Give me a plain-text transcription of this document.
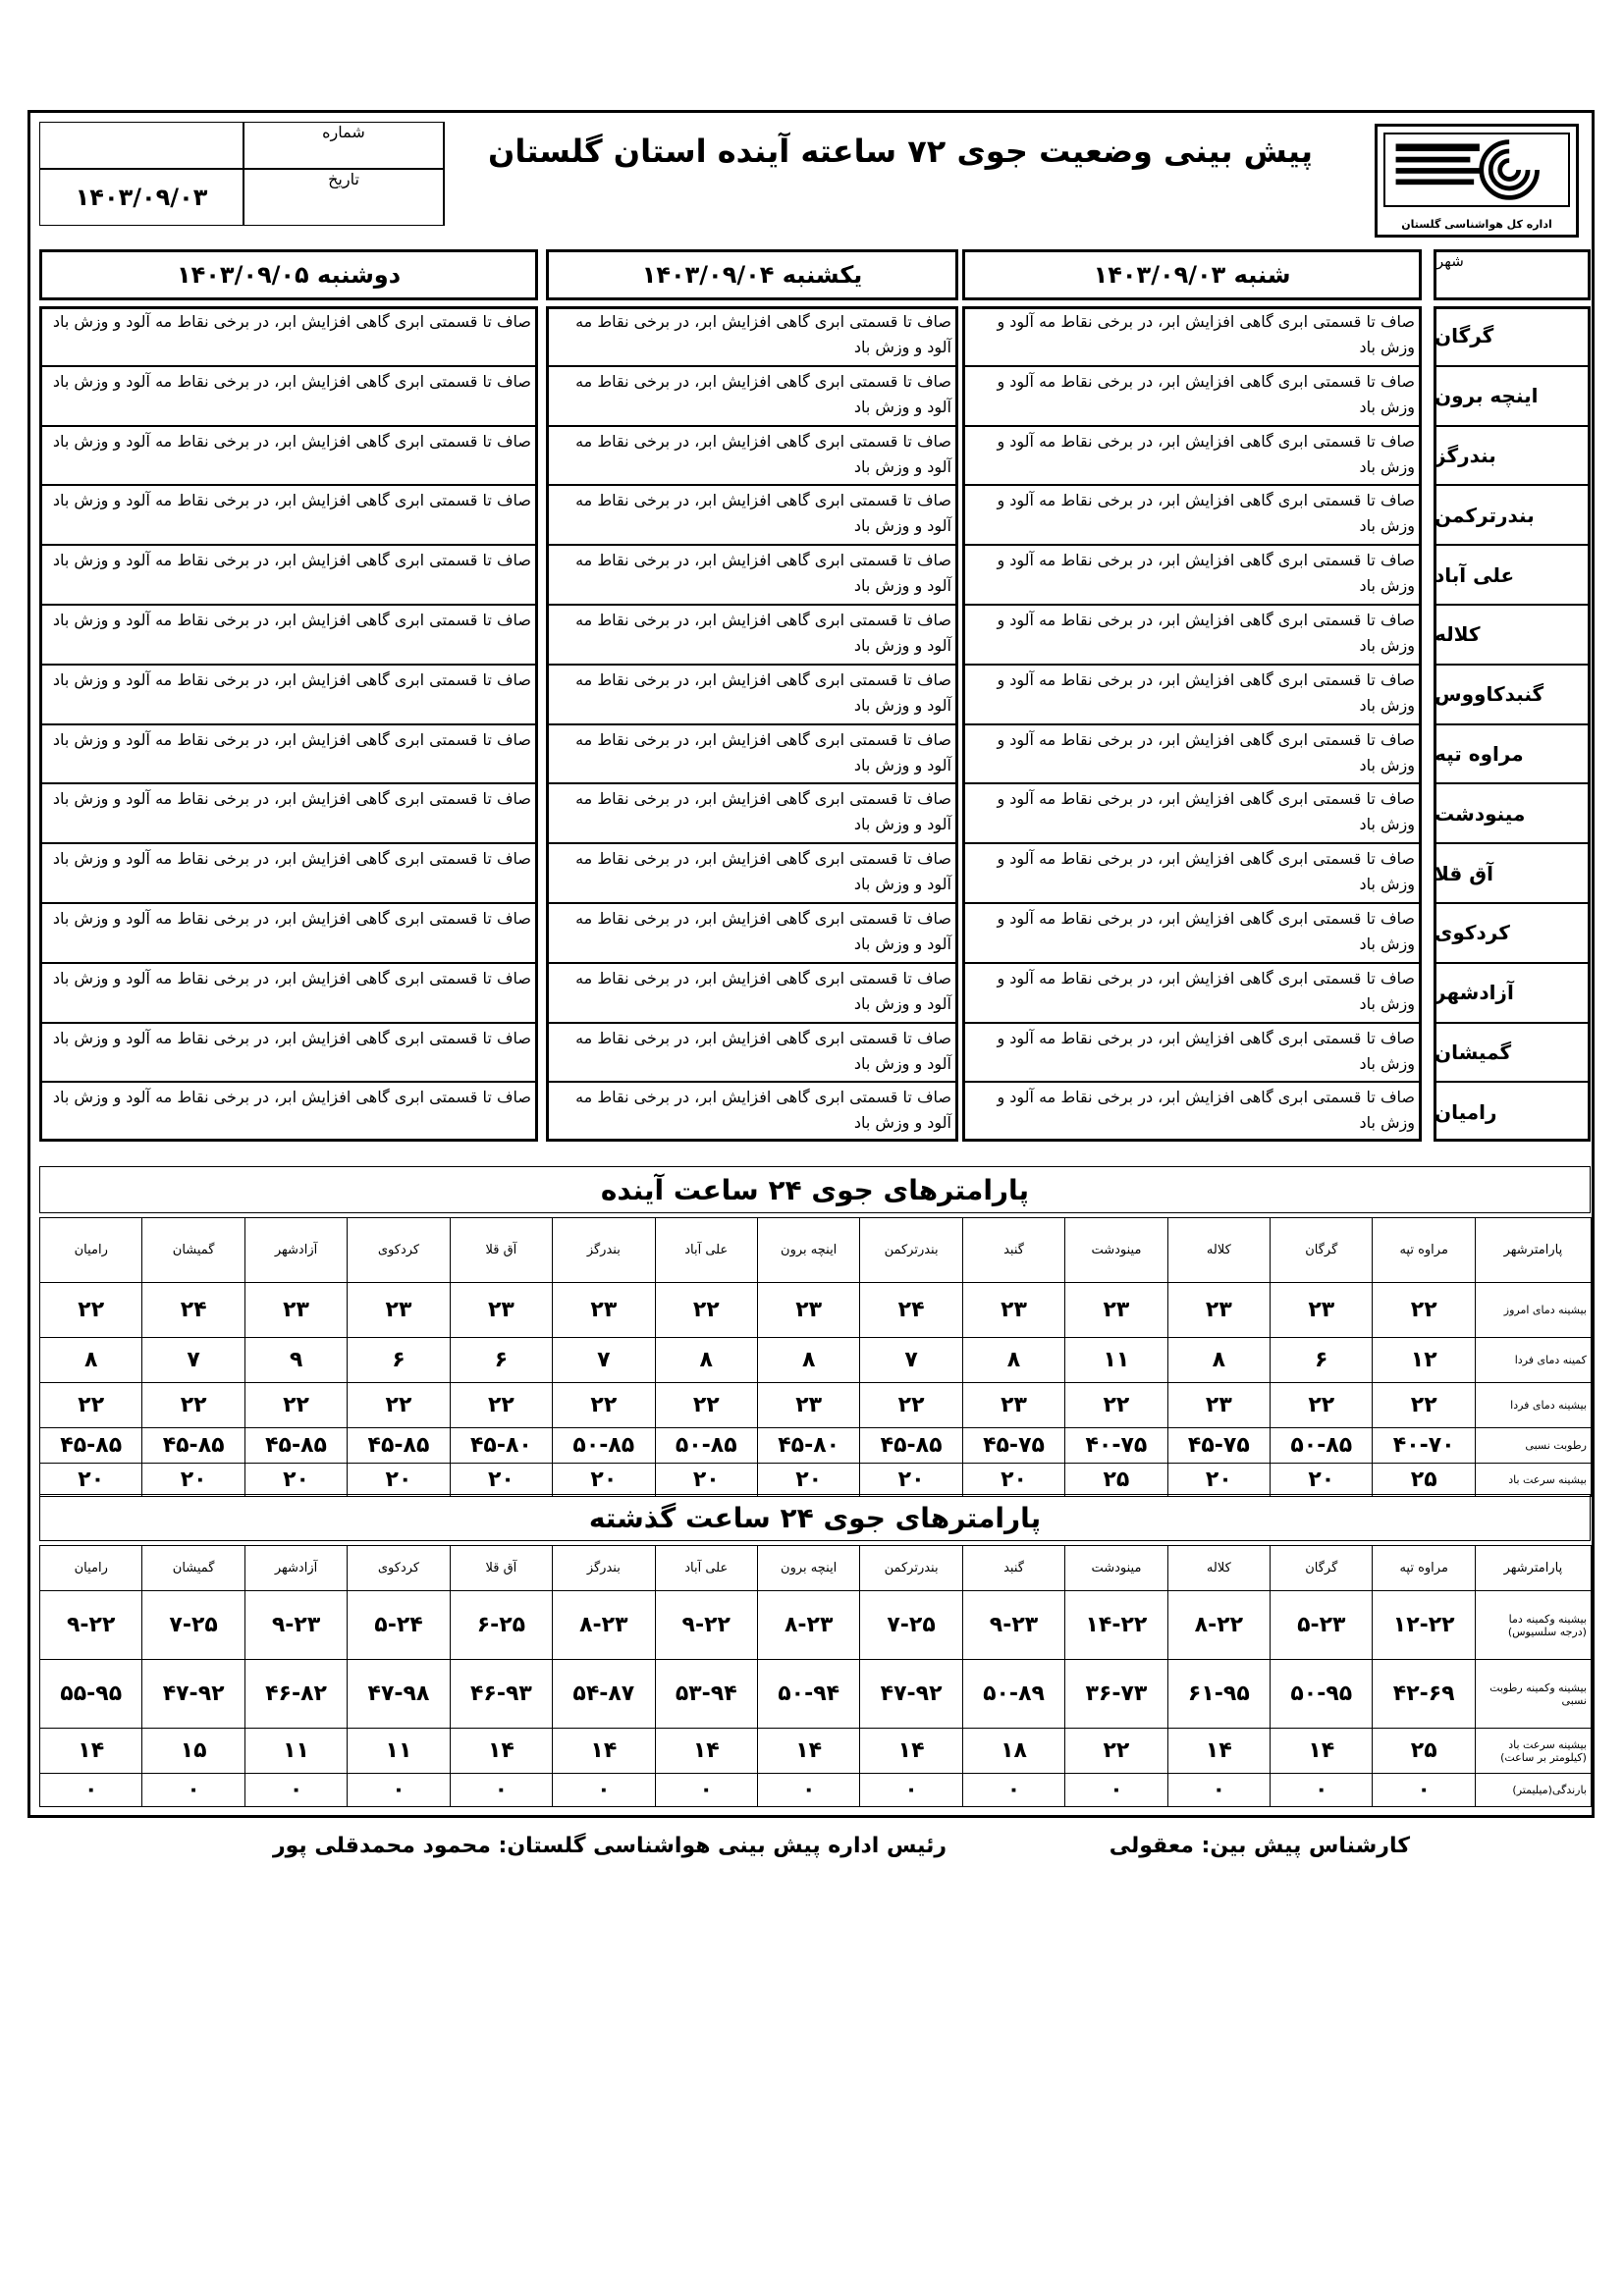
شماره
۱۴۰۳/۰۹/۰۳
تاریخ
پیش بینی وضعیت جوی ۷۲ ساعته آینده استان گلستان
اداره کل هواشناسی گلستان
شهر
شنبه ۱۴۰۳/۰۹/۰۳
یکشنبه ۱۴۰۳/۰۹/۰۴
دوشنبه ۱۴۰۳/۰۹/۰۵
گرگان
صاف تا قسمتی ابری گاهی افزایش ابر، در برخی نقاط مه آلود و وزش باد
صاف تا قسمتی ابری گاهی افزایش ابر، در برخی نقاط مه آلود و وزش باد
صاف تا قسمتی ابری گاهی افزایش ابر، در برخی نقاط مه آلود و وزش باد
اینچه برون
صاف تا قسمتی ابری گاهی افزایش ابر، در برخی نقاط مه آلود و وزش باد
صاف تا قسمتی ابری گاهی افزایش ابر، در برخی نقاط مه آلود و وزش باد
صاف تا قسمتی ابری گاهی افزایش ابر، در برخی نقاط مه آلود و وزش باد
بندرگز
صاف تا قسمتی ابری گاهی افزایش ابر، در برخی نقاط مه آلود و وزش باد
صاف تا قسمتی ابری گاهی افزایش ابر، در برخی نقاط مه آلود و وزش باد
صاف تا قسمتی ابری گاهی افزایش ابر، در برخی نقاط مه آلود و وزش باد
بندرترکمن
صاف تا قسمتی ابری گاهی افزایش ابر، در برخی نقاط مه آلود و وزش باد
صاف تا قسمتی ابری گاهی افزایش ابر، در برخی نقاط مه آلود و وزش باد
صاف تا قسمتی ابری گاهی افزایش ابر، در برخی نقاط مه آلود و وزش باد
علی آباد
صاف تا قسمتی ابری گاهی افزایش ابر، در برخی نقاط مه آلود و وزش باد
صاف تا قسمتی ابری گاهی افزایش ابر، در برخی نقاط مه آلود و وزش باد
صاف تا قسمتی ابری گاهی افزایش ابر، در برخی نقاط مه آلود و وزش باد
کلاله
صاف تا قسمتی ابری گاهی افزایش ابر، در برخی نقاط مه آلود و وزش باد
صاف تا قسمتی ابری گاهی افزایش ابر، در برخی نقاط مه آلود و وزش باد
صاف تا قسمتی ابری گاهی افزایش ابر، در برخی نقاط مه آلود و وزش باد
گنبدکاووس
صاف تا قسمتی ابری گاهی افزایش ابر، در برخی نقاط مه آلود و وزش باد
صاف تا قسمتی ابری گاهی افزایش ابر، در برخی نقاط مه آلود و وزش باد
صاف تا قسمتی ابری گاهی افزایش ابر، در برخی نقاط مه آلود و وزش باد
مراوه تپه
صاف تا قسمتی ابری گاهی افزایش ابر، در برخی نقاط مه آلود و وزش باد
صاف تا قسمتی ابری گاهی افزایش ابر، در برخی نقاط مه آلود و وزش باد
صاف تا قسمتی ابری گاهی افزایش ابر، در برخی نقاط مه آلود و وزش باد
مینودشت
صاف تا قسمتی ابری گاهی افزایش ابر، در برخی نقاط مه آلود و وزش باد
صاف تا قسمتی ابری گاهی افزایش ابر، در برخی نقاط مه آلود و وزش باد
صاف تا قسمتی ابری گاهی افزایش ابر، در برخی نقاط مه آلود و وزش باد
آق قلا
صاف تا قسمتی ابری گاهی افزایش ابر، در برخی نقاط مه آلود و وزش باد
صاف تا قسمتی ابری گاهی افزایش ابر، در برخی نقاط مه آلود و وزش باد
صاف تا قسمتی ابری گاهی افزایش ابر، در برخی نقاط مه آلود و وزش باد
کردکوی
صاف تا قسمتی ابری گاهی افزایش ابر، در برخی نقاط مه آلود و وزش باد
صاف تا قسمتی ابری گاهی افزایش ابر، در برخی نقاط مه آلود و وزش باد
صاف تا قسمتی ابری گاهی افزایش ابر، در برخی نقاط مه آلود و وزش باد
آزادشهر
صاف تا قسمتی ابری گاهی افزایش ابر، در برخی نقاط مه آلود و وزش باد
صاف تا قسمتی ابری گاهی افزایش ابر، در برخی نقاط مه آلود و وزش باد
صاف تا قسمتی ابری گاهی افزایش ابر، در برخی نقاط مه آلود و وزش باد
گمیشان
صاف تا قسمتی ابری گاهی افزایش ابر، در برخی نقاط مه آلود و وزش باد
صاف تا قسمتی ابری گاهی افزایش ابر، در برخی نقاط مه آلود و وزش باد
صاف تا قسمتی ابری گاهی افزایش ابر، در برخی نقاط مه آلود و وزش باد
رامیان
صاف تا قسمتی ابری گاهی افزایش ابر، در برخی نقاط مه آلود و وزش باد
صاف تا قسمتی ابری گاهی افزایش ابر، در برخی نقاط مه آلود و وزش باد
صاف تا قسمتی ابری گاهی افزایش ابر، در برخی نقاط مه آلود و وزش باد
پارامترهای جوی ۲۴ ساعت آینده
پارامترشهر	مراوه تپه	گرگان	کلاله	مینودشت	گنبد	بندرترکمن	اینچه برون	علی آباد	بندرگز	آق قلا	کردکوی	آزادشهر	گمیشان	رامیان
بیشینه دمای امروز	۲۲	۲۳	۲۳	۲۳	۲۳	۲۴	۲۳	۲۲	۲۳	۲۳	۲۳	۲۳	۲۴	۲۲
کمینه دمای فردا	۱۲	۶	۸	۱۱	۸	۷	۸	۸	۷	۶	۶	۹	۷	۸
بیشینه دمای فردا	۲۲	۲۲	۲۳	۲۲	۲۳	۲۲	۲۳	۲۲	۲۲	۲۲	۲۲	۲۲	۲۲	۲۲
رطوبت نسبی	۴۰-۷۰	۵۰-۸۵	۴۵-۷۵	۴۰-۷۵	۴۵-۷۵	۴۵-۸۵	۴۵-۸۰	۵۰-۸۵	۵۰-۸۵	۴۵-۸۰	۴۵-۸۵	۴۵-۸۵	۴۵-۸۵	۴۵-۸۵
بیشینه سرعت باد	۲۵	۲۰	۲۰	۲۵	۲۰	۲۰	۲۰	۲۰	۲۰	۲۰	۲۰	۲۰	۲۰	۲۰
پارامترهای جوی ۲۴ ساعت گذشته
پارامترشهر	مراوه تپه	گرگان	کلاله	مینودشت	گنبد	بندرترکمن	اینچه برون	علی آباد	بندرگز	آق قلا	کردکوی	آزادشهر	گمیشان	رامیان
بیشینه وکمینه دما (درجه سلسیوس)	۱۲-۲۲	۵-۲۳	۸-۲۲	۱۴-۲۲	۹-۲۳	۷-۲۵	۸-۲۳	۹-۲۲	۸-۲۳	۶-۲۵	۵-۲۴	۹-۲۳	۷-۲۵	۹-۲۲
بیشینه وکمینه رطوبت نسبی	۴۲-۶۹	۵۰-۹۵	۶۱-۹۵	۳۶-۷۳	۵۰-۸۹	۴۷-۹۲	۵۰-۹۴	۵۳-۹۴	۵۴-۸۷	۴۶-۹۳	۴۷-۹۸	۴۶-۸۲	۴۷-۹۲	۵۵-۹۵
بیشینه سرعت باد (کیلومتر بر ساعت)	۲۵	۱۴	۱۴	۲۲	۱۸	۱۴	۱۴	۱۴	۱۴	۱۴	۱۱	۱۱	۱۵	۱۴
بارندگی(میلیمتر)	۰	۰	۰	۰	۰	۰	۰	۰	۰	۰	۰	۰	۰	۰
کارشناس پیش بین: معقولی
رئیس اداره پیش بینی هواشناسی گلستان: محمود محمدقلی پور
